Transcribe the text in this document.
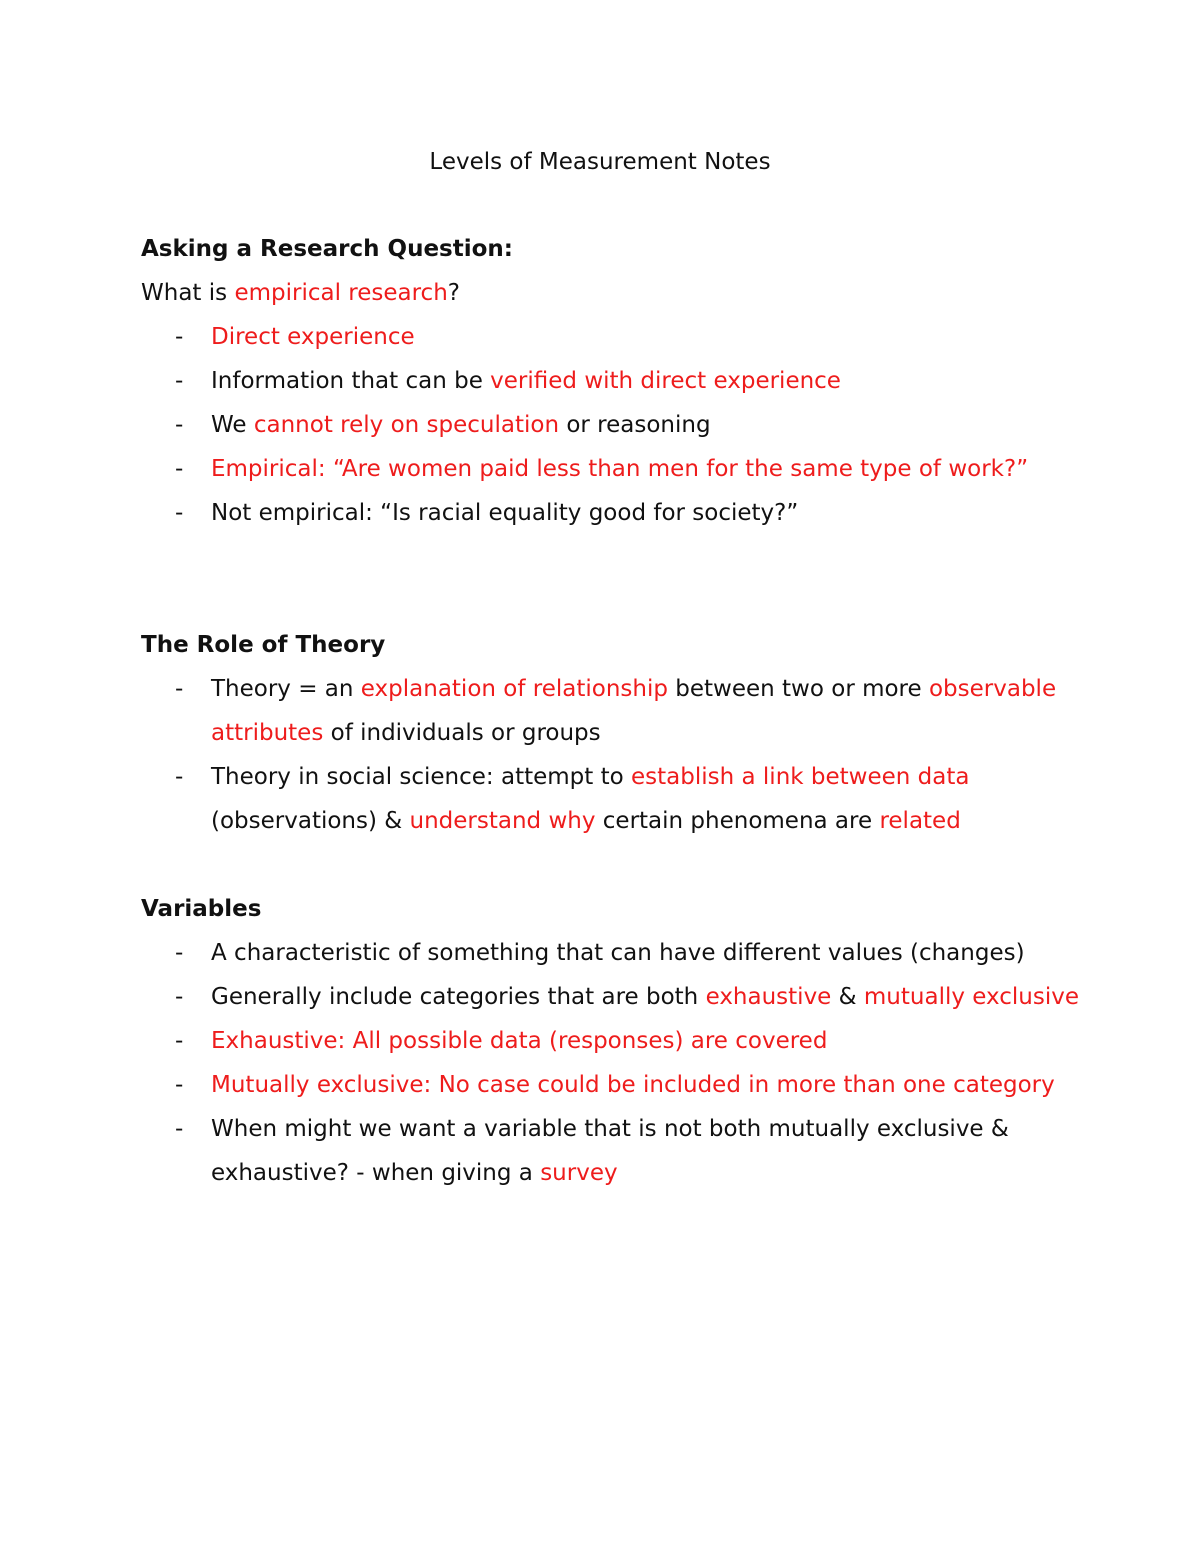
Levels of Measurement Notes
Asking a Research Question:
What is empirical research?
- Direct experience
- Information that can be verified with direct experience
- We cannot rely on speculation or reasoning
- Empirical: “Are women paid less than men for the same type of work?”
- Not empirical: “Is racial equality good for society?”
The Role of Theory
- Theory = an explanation of relationship between two or more observable attributes of individuals or groups
- Theory in social science: attempt to establish a link between data (observations) & understand why certain phenomena are related
Variables
- A characteristic of something that can have different values (changes)
- Generally include categories that are both exhaustive & mutually exclusive
- Exhaustive: All possible data (responses) are covered
- Mutually exclusive: No case could be included in more than one category
- When might we want a variable that is not both mutually exclusive & exhaustive? - when giving a survey
